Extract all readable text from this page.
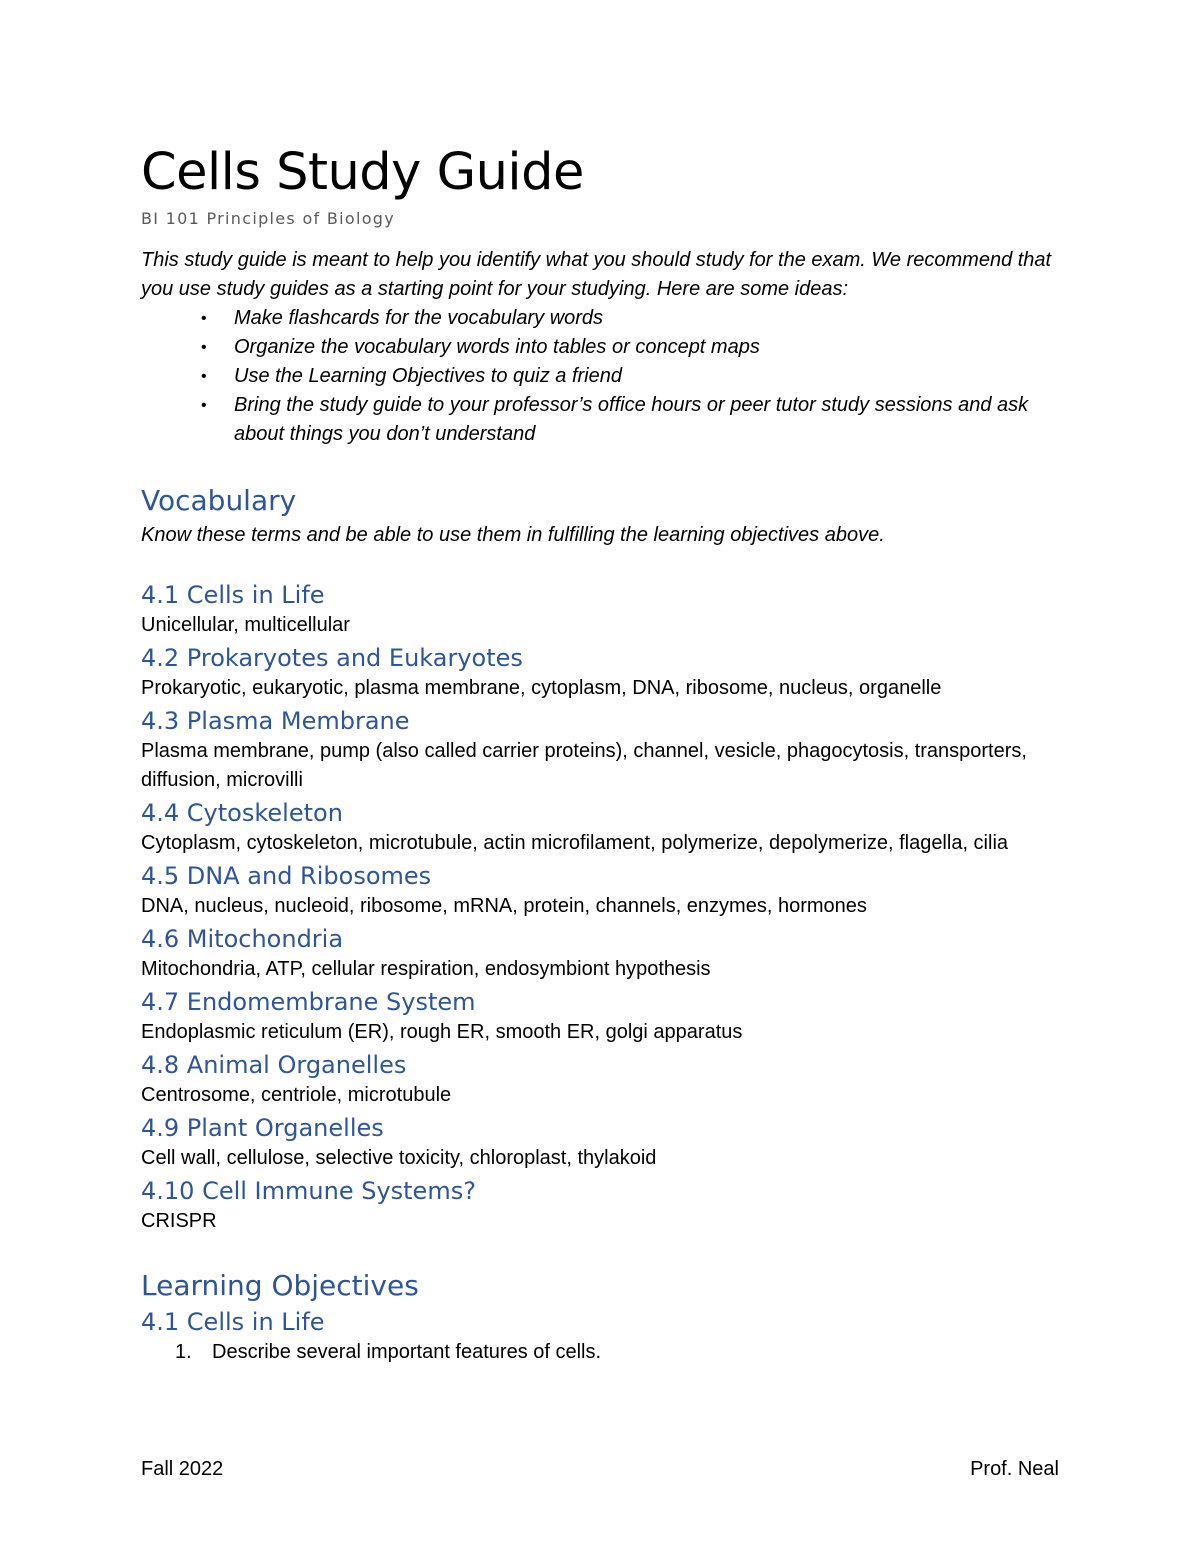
Cells Study Guide

BI 101 Principles of Biology

This study guide is meant to help you identify what you should study for the exam. We recommend that you use study guides as a starting point for your studying. Here are some ideas:

• Make flashcards for the vocabulary words
• Organize the vocabulary words into tables or concept maps
• Use the Learning Objectives to quiz a friend
• Bring the study guide to your professor’s office hours or peer tutor study sessions and ask about things you don’t understand
Vocabulary

Know these terms and be able to use them in fulfilling the learning objectives above.

4.1 Cells in Life

Unicellular, multicellular

4.2 Prokaryotes and Eukaryotes

Prokaryotic, eukaryotic, plasma membrane, cytoplasm, DNA, ribosome, nucleus, organelle

4.3 Plasma Membrane

Plasma membrane, pump (also called carrier proteins), channel, vesicle, phagocytosis, transporters, diffusion, microvilli

4.4 Cytoskeleton

Cytoplasm, cytoskeleton, microtubule, actin microfilament, polymerize, depolymerize, flagella, cilia

4.5 DNA and Ribosomes

DNA, nucleus, nucleoid, ribosome, mRNA, protein, channels, enzymes, hormones

4.6 Mitochondria

Mitochondria, ATP, cellular respiration, endosymbiont hypothesis

4.7 Endomembrane System

Endoplasmic reticulum (ER), rough ER, smooth ER, golgi apparatus

4.8 Animal Organelles

Centrosome, centriole, microtubule

4.9 Plant Organelles

Cell wall, cellulose, selective toxicity, chloroplast, thylakoid

4.10 Cell Immune Systems?

CRISPR

Learning Objectives
4.1 Cells in Life
1. Describe several important features of cells.
Fall 2022	Prof. Neal
